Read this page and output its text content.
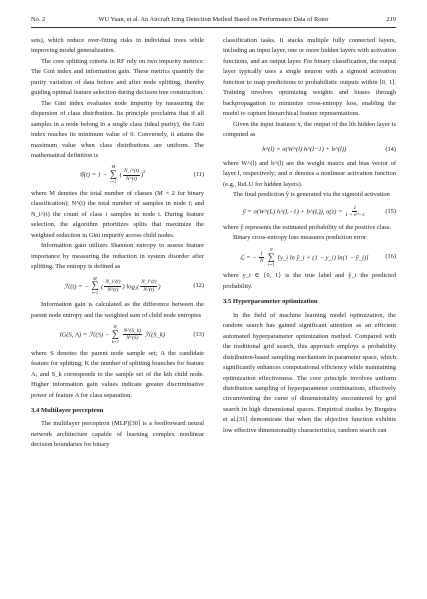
No. 2	WU Yuan, et al. An Aircraft Icing Detection Method Based on Performance Data of Rotor	219

sets), which reduce over-fitting risks in individual trees while improving model generalization.

The core splitting criteria in RF rely on two impurity metrics: The Gini index and information gain. These metrics quantify the purity variation of data before and after node splitting, thereby guiding optimal feature selection during decision tree construction.

The Gini index evaluates node impurity by measuring the dispersion of class distribution. Its principle proclaims that if all samples in a node belong to a single class (ideal purity), the Gini index reaches its minimum value of 0. Conversely, it attains the maximum value when class distributions are uniform. The mathematical definition is

𝒢(t) = 1 −
M
∑
i=1
( $\frac{N\_i\^{}(t)}{N\^{}(t)} )^2$	(11)

where M denotes the total number of classes (M = 2 for binary classification); N^(t) the total number of samples in node t; and N_i^(t) the count of class i samples in node t. During feature selection, the algorithm prioritizes splits that maximize the weighted reduction in Gini impurity across child nodes.

Information gain utilizes Shannon entropy to assess feature importance by measuring the reduction in system disorder after splitting. The entropy is defined as

ℋ(t) = −
M
∑
i=1
( $\frac{N\_i\^{}(t)}{N\^{}(t)}$ ) $\log_2( \frac{N\_i\^{}(t)}{N\^{}(t)}$ )	(12)

Information gain is calculated as the difference between the parent node entropy and the weighted sum of child node entropies

IG(S, A) = ℋ(S) −
K
∑
k=1
$\frac{N\^{}(S\_k)}{N\^{}(S)}$ ℋ(S_k)	(13)

where S denotes the parent node sample set; A the candidate feature for splitting; K the number of splitting branches for feature A; and S_k corresponds to the sample set of the kth child node. Higher information gain values indicate greater discriminative power of feature A for class separation.

3.4 Multilayer perceptron

The multilayer perceptron (MLP)[30] is a feedforward neural network architecture capable of learning complex nonlinear decision boundaries for binary

classification tasks. It stacks multiple fully connected layers, including an input layer, one or more hidden layers with activation functions, and an output layer. For binary classification, the output layer typically uses a single neuron with a sigmoid activation function to map predictions to probabilistic outputs within [0, 1]. Training involves optimizing weights and biases through backpropagation to minimize cross-entropy loss, enabling the model to capture hierarchical feature representations.

Given the input features x, the output of the lth hidden layer is computed as

h^(l) = σ(W^(l) h^(l−1) + b^(l))	(14)

where W^(l) and b^(l) are the weight matrix and bias vector of layer l, respectively; and σ denotes a nonlinear activation function (e.g., ReLU for hidden layers).

The final prediction ŷ is generated via the sigmoid activation

ŷ = σ(W^(L) h^(L−1) + b^(L)), $\sigma(z) = \frac{1}{1 + e\^{}-z}$	(15)

where ŷ represents the estimated probability of the positive class.

Binary cross-entropy loss measures prediction error

ℒ = − $\frac{1}{N}$

N
∑
i=1
[y_i ln ŷ_i + (1 − y_i) ln(1 − ŷ_i)]	(16)

where y_i ∈ {0, 1} is the true label and ŷ_i the predicted probability.

3.5 Hyperparameter optimization

In the field of machine learning model optimization, the random search has gained significant attention as an efficient automated hyperparameter optimization method. Compared with the traditional grid search, this approach employs a probability distribution-based sampling mechanism in parameter space, which significantly enhances computational efficiency while maintaining optimization effectiveness. The core principle involves uniform distribution sampling of hyperparameter combinations, effectively circumventing the curse of dimensionality encountered by grid search in high dimensional spaces. Empirical studies by Bergstra et al.[31] demonstrate that when the objective function exhibits low effective dimensionality characteristics, random search can
